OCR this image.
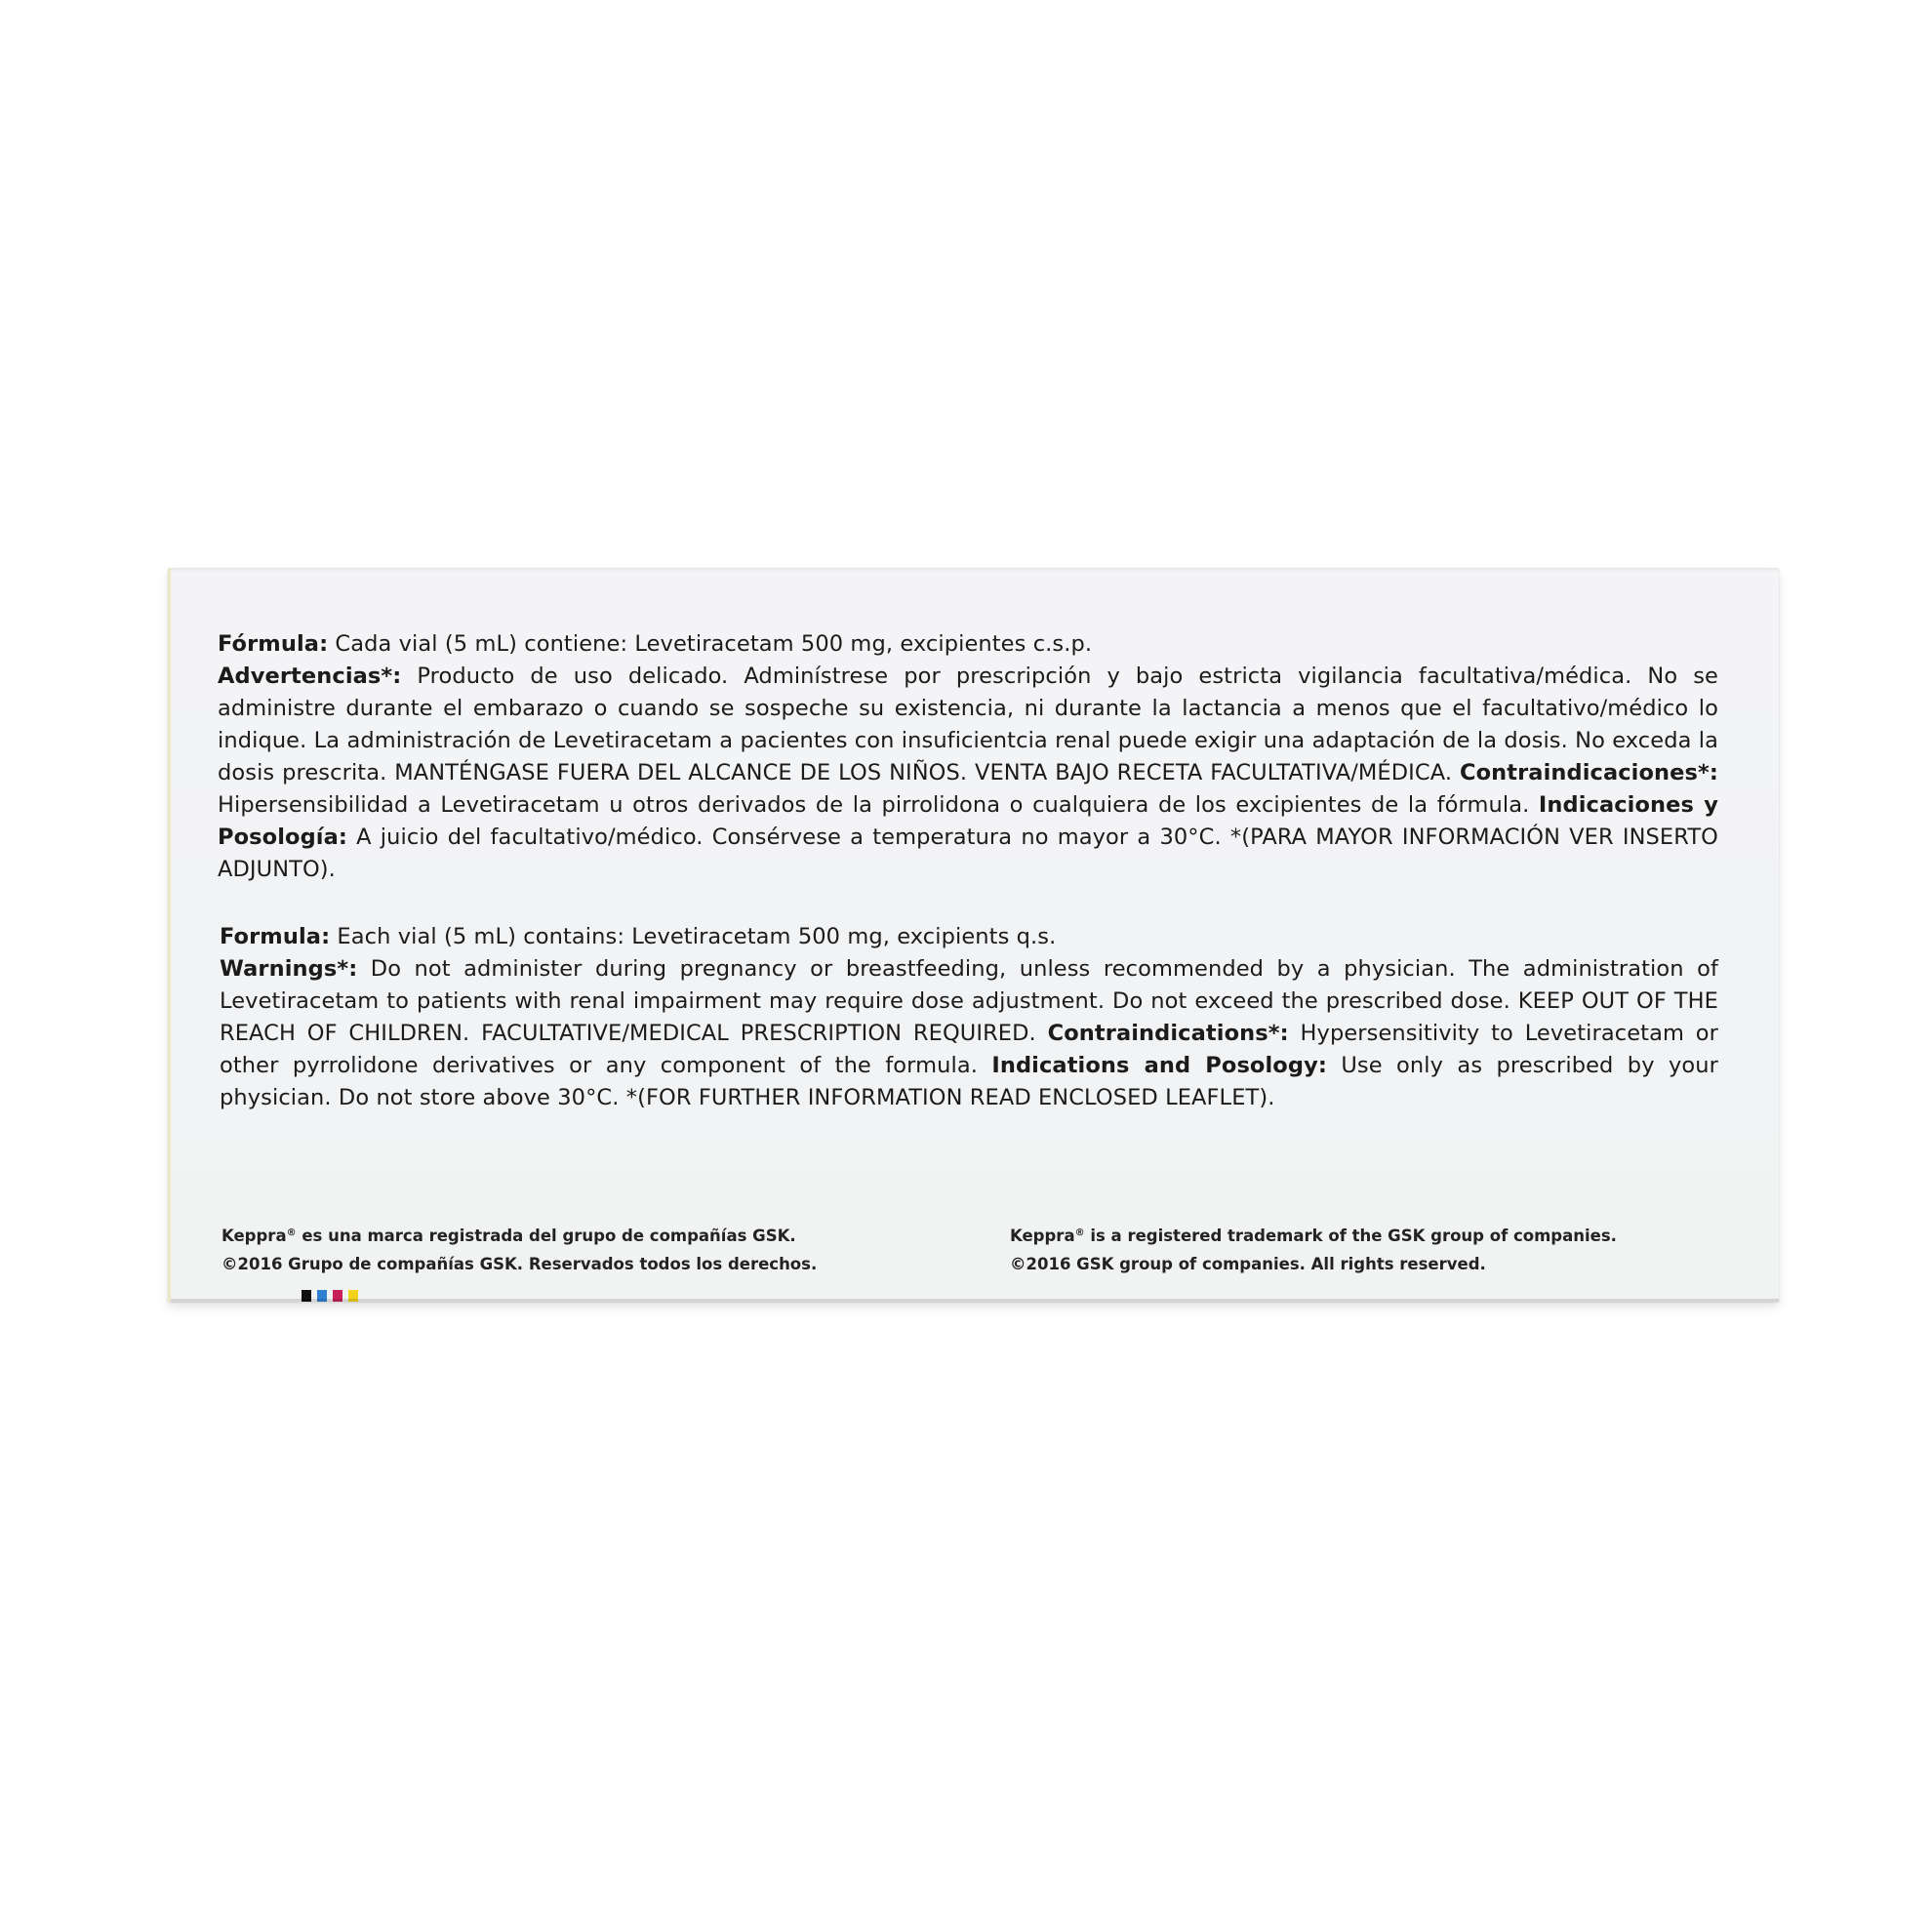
Fórmula: Cada vial (5 mL) contiene: Levetiracetam 500 mg, excipientes c.s.p.

Advertencias*: Producto de uso delicado. Adminístrese por prescripción y bajo estricta vigilancia facultativa/médica. No se administre durante el embarazo o cuando se sospeche su existencia, ni durante la lactancia a menos que el facultativo/médico lo indique. La administración de Levetiracetam a pacientes con insuficientcia renal puede exigir una adaptación de la dosis. No exceda la dosis prescrita. MANTÉNGASE FUERA DEL ALCANCE DE LOS NIÑOS. VENTA BAJO RECETA FACULTATIVA/MÉDICA. Contraindicaciones*: Hipersensibilidad a Levetiracetam u otros derivados de la pirrolidona o cualquiera de los excipientes de la fórmula. Indicaciones y Posología: A juicio del facultativo/médico. Consérvese a temperatura no mayor a 30°C. *(PARA MAYOR INFORMACIÓN VER INSERTO ADJUNTO).

Formula: Each vial (5 mL) contains: Levetiracetam 500 mg, excipients q.s.

Warnings*: Do not administer during pregnancy or breastfeeding, unless recommended by a physician. The administration of Levetiracetam to patients with renal impairment may require dose adjustment. Do not exceed the prescribed dose. KEEP OUT OF THE REACH OF CHILDREN. FACULTATIVE/MEDICAL PRESCRIPTION REQUIRED. Contraindications*: Hypersensitivity to Levetiracetam or other pyrrolidone derivatives or any component of the formula. Indications and Posology: Use only as prescribed by your physician. Do not store above 30°C. *(FOR FURTHER INFORMATION READ ENCLOSED LEAFLET).

Keppra® es una marca registrada del grupo de compañías GSK.
©2016 Grupo de compañías GSK. Reservados todos los derechos.
Keppra® is a registered trademark of the GSK group of companies.
©2016 GSK group of companies. All rights reserved.
